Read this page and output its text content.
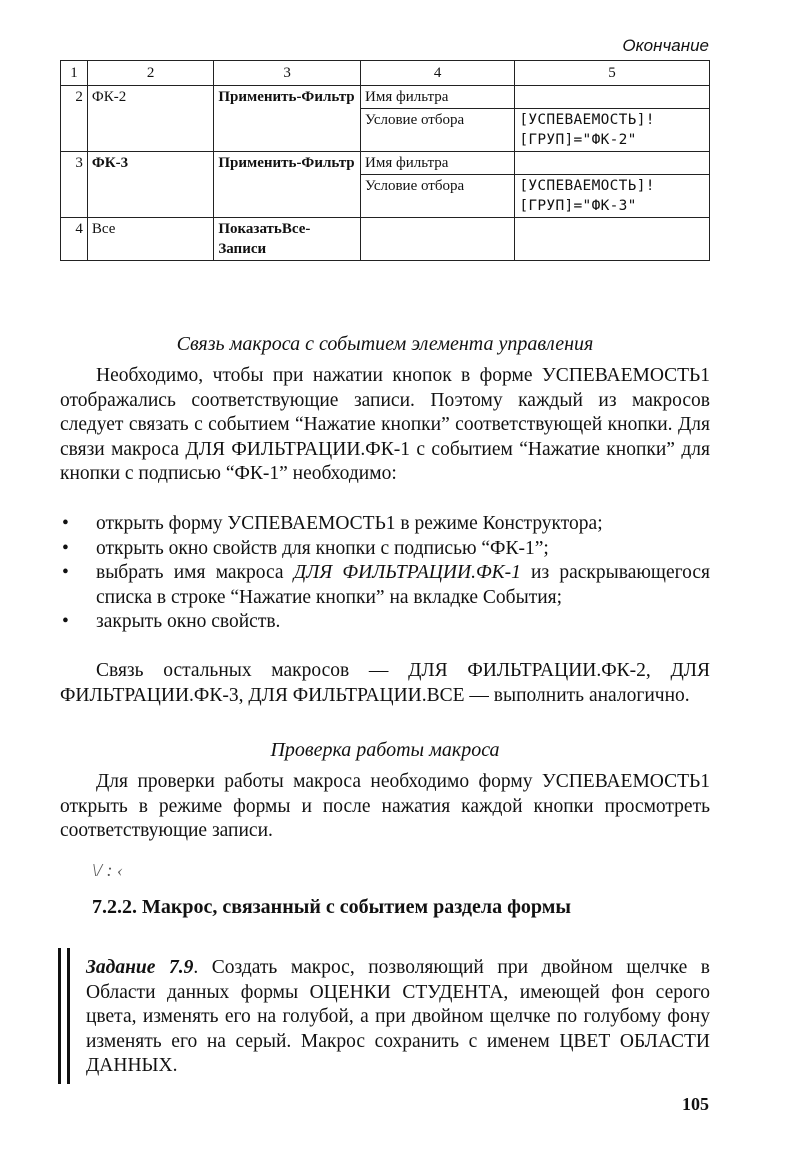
Окончание
1	2	3	4	5
2	ФК-2	Применить-Фильтр	Имя фильтра	
			Условие отбора	[УСПЕВАЕМОСТЬ]![ГРУП]="ФК-2"
3	ФК-3	Применить-Фильтр	Имя фильтра	
			Условие отбора	[УСПЕВАЕМОСТЬ]![ГРУП]="ФК-3"
4	Все	ПоказатьВсе-Записи		
Связь макроса с событием элемента управления
Необходимо, чтобы при нажатии кнопок в форме УСПЕВАЕМОСТЬ1 отображались соответствующие записи. Поэтому каждый из макросов следует связать с событием “Нажатие кнопки” соответствующей кнопки. Для связи макроса ДЛЯ ФИЛЬТРАЦИИ.ФК-1 с событием “Нажатие кнопки” для кнопки с подписью “ФК-1” необходимо:
• открыть форму УСПЕВАЕМОСТЬ1 в режиме Конструктора;
• открыть окно свойств для кнопки с подписью “ФК-1”;
• выбрать имя макроса ДЛЯ ФИЛЬТРАЦИИ.ФК-1 из раскрывающегося списка в строке “Нажатие кнопки” на вкладке События;
• закрыть окно свойств.
Связь остальных макросов — ДЛЯ ФИЛЬТРАЦИИ.ФК-2, ДЛЯ ФИЛЬТРАЦИИ.ФК-3, ДЛЯ ФИЛЬТРАЦИИ.ВСЕ — выполнить аналогично.
Проверка работы макроса
Для проверки работы макроса необходимо форму УСПЕВАЕМОСТЬ1 открыть в режиме формы и после нажатия каждой кнопки просмотреть соответствующие записи.
\/ : ‹
7.2.2. Макрос, связанный с событием раздела формы
Задание 7.9. Создать макрос, позволяющий при двойном щелчке в Области данных формы ОЦЕНКИ СТУДЕНТА, имеющей фон серого цвета, изменять его на голубой, а при двойном щелчке по голубому фону изменять его на серый. Макрос сохранить с именем ЦВЕТ ОБЛАСТИ ДАННЫХ.
105
